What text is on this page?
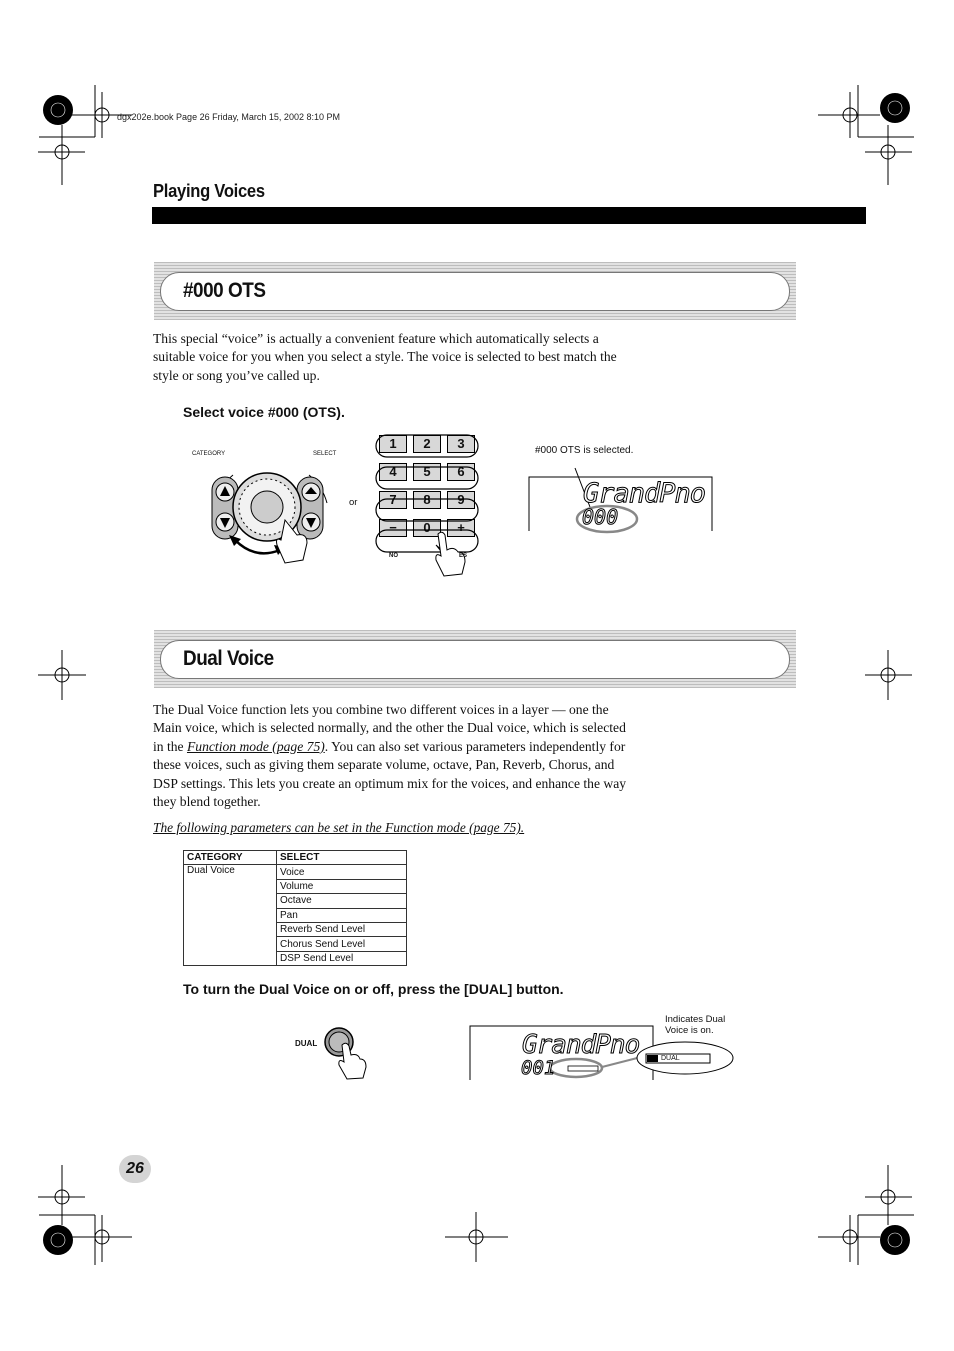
dgx202e.book Page 26 Friday, March 15, 2002 8:10 PM
Playing Voices
#000 OTS

This special “voice” is actually a convenient feature which automatically selects a suitable voice for you when you select a style. The voice is selected to best match the style or song you’ve called up.

Select voice #000 (OTS).
CATEGORY	SELECT
or
1	2	3
4	5	6
7	8	9
−	0	+
NO	ES
#000 OTS is selected.
GrandPno
000
Dual Voice

The Dual Voice function lets you combine two different voices in a layer — one the Main voice, which is selected normally, and the other the Dual voice, which is selected in the Function mode (page 75). You can also set various parameters independently for these voices, such as giving them separate volume, octave, Pan, Reverb, Chorus, and DSP settings. This lets you create an optimum mix for the voices, and enhance the way they blend together.

The following parameters can be set in the Function mode (page 75).
CATEGORY	SELECT
Dual Voice	Voice
	Volume
	Octave
	Pan
	Reverb Send Level
	Chorus Send Level
	DSP Send Level
To turn the Dual Voice on or off, press the [DUAL] button.
DUAL
Indicates Dual Voice is on.
GrandPno
001	DUAL
26
